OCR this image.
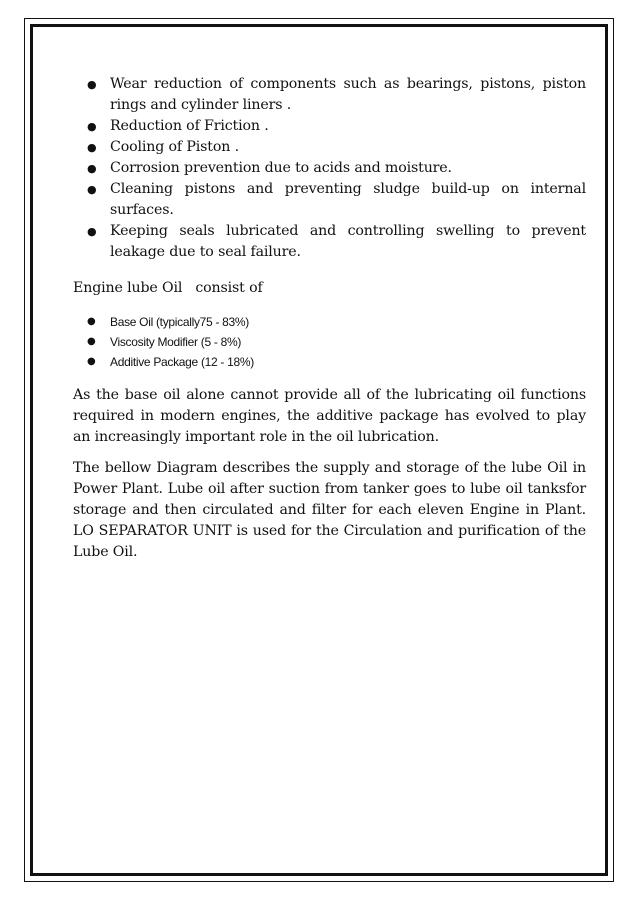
● Wear reduction of components such as bearings, pistons, piston rings and cylinder liners .
● Reduction of Friction .
● Cooling of Piston .
● Corrosion prevention due to acids and moisture.
● Cleaning pistons and preventing sludge build-up on internal surfaces.
● Keeping seals lubricated and controlling swelling to prevent leakage due to seal failure.

Engine lube Oil   consist of

● Base Oil (typically75 - 83%)
● Viscosity Modifier (5 - 8%)
● Additive Package (12 - 18%)

As the base oil alone cannot provide all of the lubricating oil functions required in modern engines, the additive package has evolved to play an increasingly important role in the oil lubrication.

The bellow Diagram describes the supply and storage of the lube Oil in Power Plant. Lube oil after suction from tanker goes to lube oil tanksfor storage and then circulated and filter for each eleven Engine in Plant. LO SEPARATOR UNIT is used for the Circulation and purification of the Lube Oil.
